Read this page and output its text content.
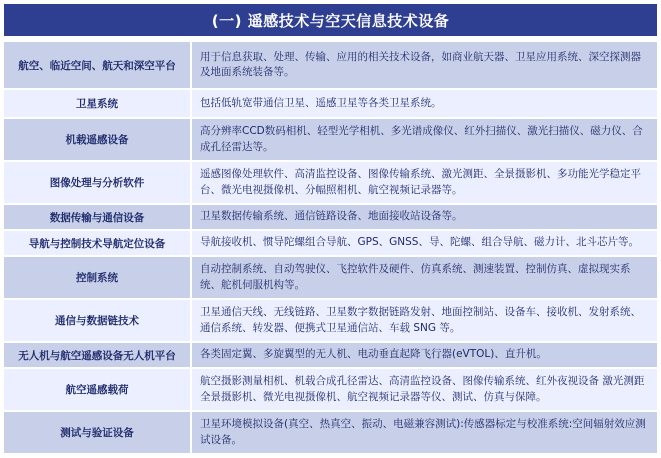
(一) 遥感技术与空天信息技术设备
航空、临近空间、航天和深空平台	用于信息获取、处理、传输、应用的相关技术设备，如商业航天器、卫星应用系统、深空探测器及地面系统装备等。
卫星系统	包括低轨宽带通信卫星、遥感卫星等各类卫星系统。
机载遥感设备	高分辨率CCD数码相机、轻型光学相机、多光谱成像仪、红外扫描仪、激光扫描仪、磁力仪、合成孔径雷达等。
图像处理与分析软件	遥感图像处理软件、高清监控设备、图像传输系统、激光测距、全景摄影机、多功能光学稳定平台、微光电视摄像机、分幅照相机、航空视频记录器等。
数据传输与通信设备	卫星数据传输系统、通信链路设备、地面接收站设备等。
导航与控制技术导航定位设备	导航接收机、惯导陀螺组合导航、GPS、GNSS、导、陀螺、组合导航、磁力计、北斗芯片等。
控制系统	自动控制系统、自动驾驶仪、飞控软件及硬件、仿真系统、测速装置、控制仿真、虚拟现实系统、舵机伺服机构等。
通信与数据链技术	卫星通信天线、无线链路、卫星数字数据链路发射、地面控制站、设备车、接收机、发射系统、通信系统、转发器、便携式卫星通信站、车载 SNG 等。
无人机与航空遥感设备无人机平台	各类固定翼、多旋翼型的无人机、电动垂直起降飞行器(eVTOL)、直升机。
航空遥感载荷	航空摄影测量相机、机载合成孔径雷达、高清监控设备、图像传输系统、红外夜视设备 激光测距全景摄影机、微光电视摄像机、航空视频记录器等仪、测试、仿真与保障。
测试与验证设备	卫星环境模拟设备(真空、热真空、振动、电磁兼容测试):传感器标定与校准系统:空间辐射效应测试设备。
